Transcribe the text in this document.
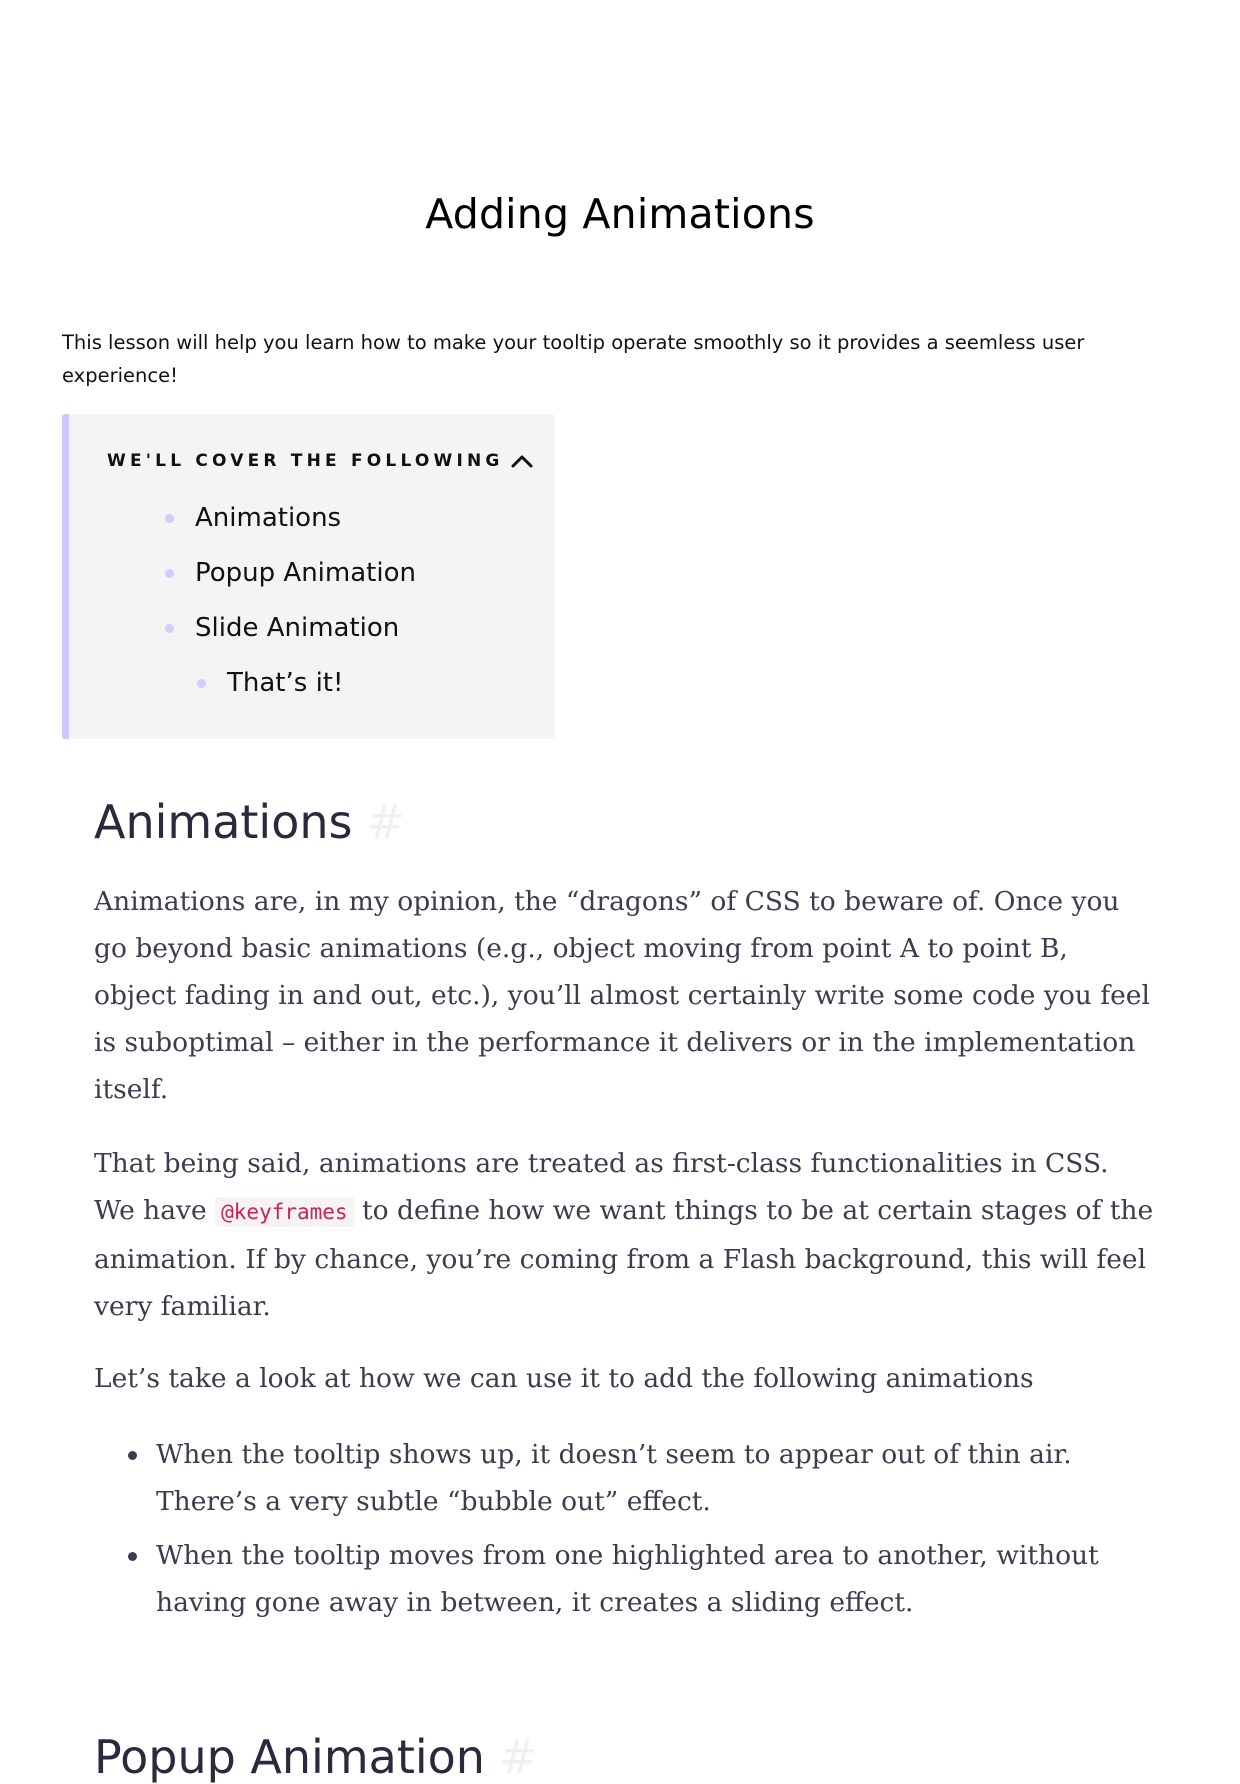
Adding Animations

This lesson will help you learn how to make your tooltip operate smoothly so it provides a seemless user experience!

WE'LL COVER THE FOLLOWING
Animations
Popup Animation
Slide Animation
That’s it!
Animations #

Animations are, in my opinion, the “dragons” of CSS to beware of. Once you go beyond basic animations (e.g., object moving from point A to point B, object fading in and out, etc.), you’ll almost certainly write some code you feel is suboptimal – either in the performance it delivers or in the implementation itself.

That being said, animations are treated as first-class functionalities in CSS. We have @keyframes to define how we want things to be at certain stages of the animation. If by chance, you’re coming from a Flash background, this will feel very familiar.

Let’s take a look at how we can use it to add the following animations

When the tooltip shows up, it doesn’t seem to appear out of thin air. There’s a very subtle “bubble out” effect.
When the tooltip moves from one highlighted area to another, without having gone away in between, it creates a sliding effect.
Popup Animation #
